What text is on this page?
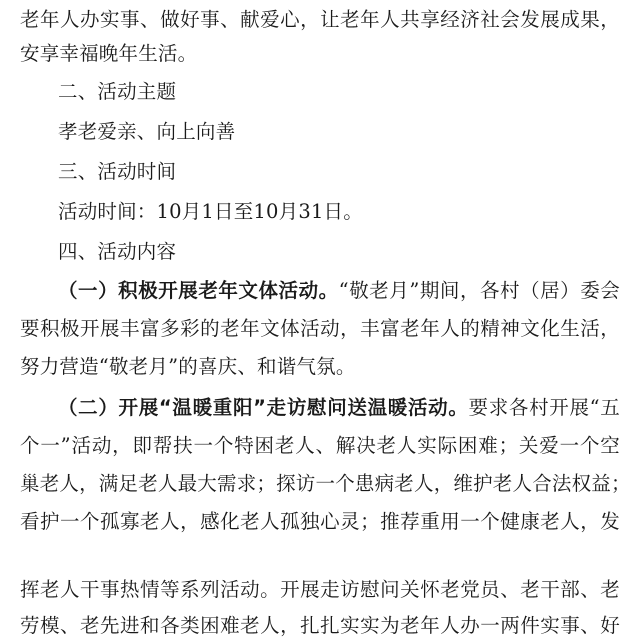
老年人办实事、做好事、献爱心，让老年人共享经济社会发展成果，
安享幸福晚年生活。
二、活动主题
孝老爱亲、向上向善
三、活动时间
活动时间：10月1日至10月31日。
四、活动内容
（一）积极开展老年文体活动。“敬老月”期间，各村（居）委会
要积极开展丰富多彩的老年文体活动，丰富老年人的精神文化生活，
努力营造“敬老月”的喜庆、和谐气氛。
（二）开展“温暖重阳”走访慰问送温暖活动。要求各村开展“五
个一”活动，即帮扶一个特困老人、解决老人实际困难；关爱一个空
巢老人，满足老人最大需求；探访一个患病老人，维护老人合法权益；
看护一个孤寡老人，感化老人孤独心灵；推荐重用一个健康老人，发
挥老人干事热情等系列活动。开展走访慰问关怀老党员、老干部、老
劳模、老先进和各类困难老人，扎扎实实为老年人办一两件实事、好
